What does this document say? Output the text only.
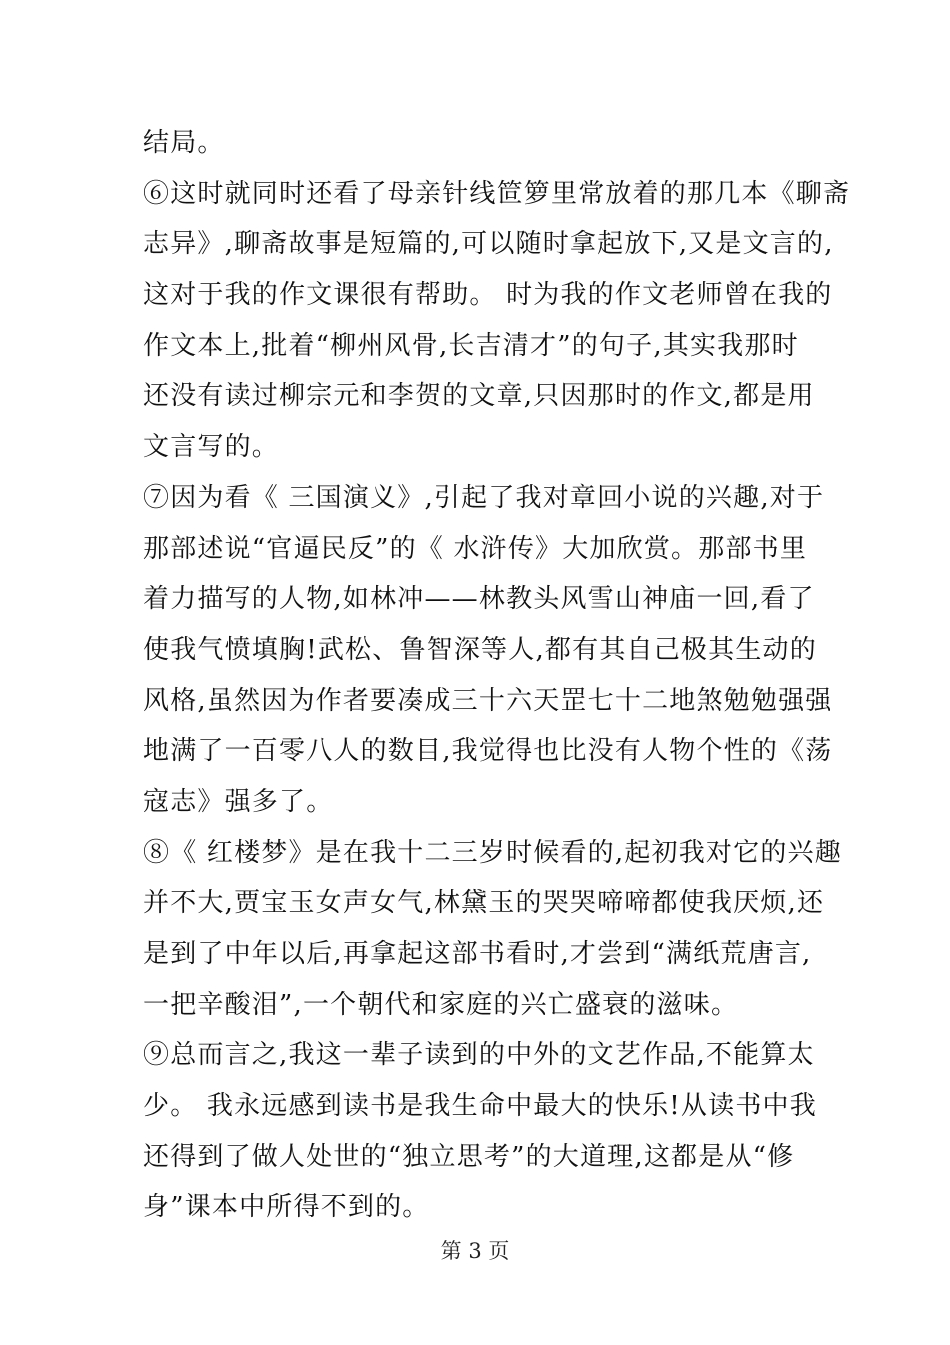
结局。
⑥这时就同时还看了母亲针线笸箩里常放着的那几本《聊斋
志异》,聊斋故事是短篇的,可以随时拿起放下,又是文言的,
这对于我的作文课很有帮助。 时为我的作文老师曾在我的
作文本上,批着“柳州风骨,长吉清才”的句子,其实我那时
还没有读过柳宗元和李贺的文章,只因那时的作文,都是用
文言写的。
⑦因为看《 三国演义》,引起了我对章回小说的兴趣,对于
那部述说“官逼民反”的《 水浒传》大加欣赏。那部书里
着力描写的人物,如林冲——林教头风雪山神庙一回,看了
使我气愤填胸!武松、鲁智深等人,都有其自己极其生动的
风格,虽然因为作者要凑成三十六天罡七十二地煞勉勉强强
地满了一百零八人的数目,我觉得也比没有人物个性的《荡
寇志》强多了。
⑧《 红楼梦》是在我十二三岁时候看的,起初我对它的兴趣
并不大,贾宝玉女声女气,林黛玉的哭哭啼啼都使我厌烦,还
是到了中年以后,再拿起这部书看时,才尝到“满纸荒唐言,
一把辛酸泪”,一个朝代和家庭的兴亡盛衰的滋味。
⑨总而言之,我这一辈子读到的中外的文艺作品,不能算太
少。 我永远感到读书是我生命中最大的快乐!从读书中我
还得到了做人处世的“独立思考”的大道理,这都是从“修
身”课本中所得不到的。
第 3 页
